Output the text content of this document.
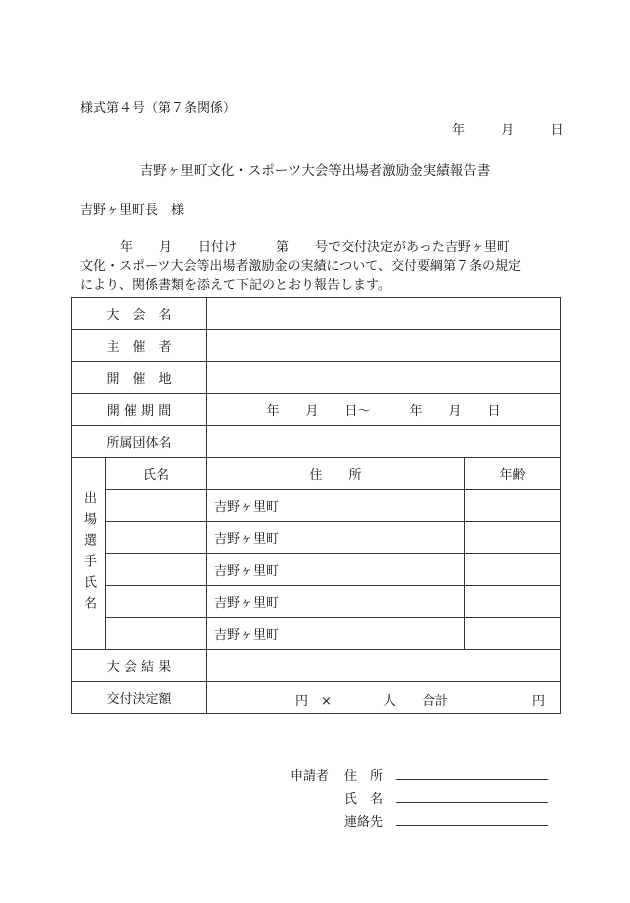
様式第４号（第７条関係）
年	月	日
吉野ヶ里町文化・スポーツ大会等出場者激励金実績報告書
吉野ヶ里町長　様
年　　月　　日付け　　　第　　号で交付決定があった吉野ヶ里町
文化・スポーツ大会等出場者激励金の実績について、交付要綱第７条の規定
により、関係書類を添えて下記のとおり報告します。
大　会　名			
主　催　者			
開　催　地			
開 催 期 間		年　　月　　日～　　　年　　月　　日	
所属団体名			

出場選手氏名	氏名	住　　所	年齢
		吉野ヶ里町	
		吉野ヶ里町	
		吉野ヶ里町	
		吉野ヶ里町	
		吉野ヶ里町	
大 会 結 果			
交付決定額		円　× 人　　合計 円	
申請者 住　所
氏　名
連絡先
